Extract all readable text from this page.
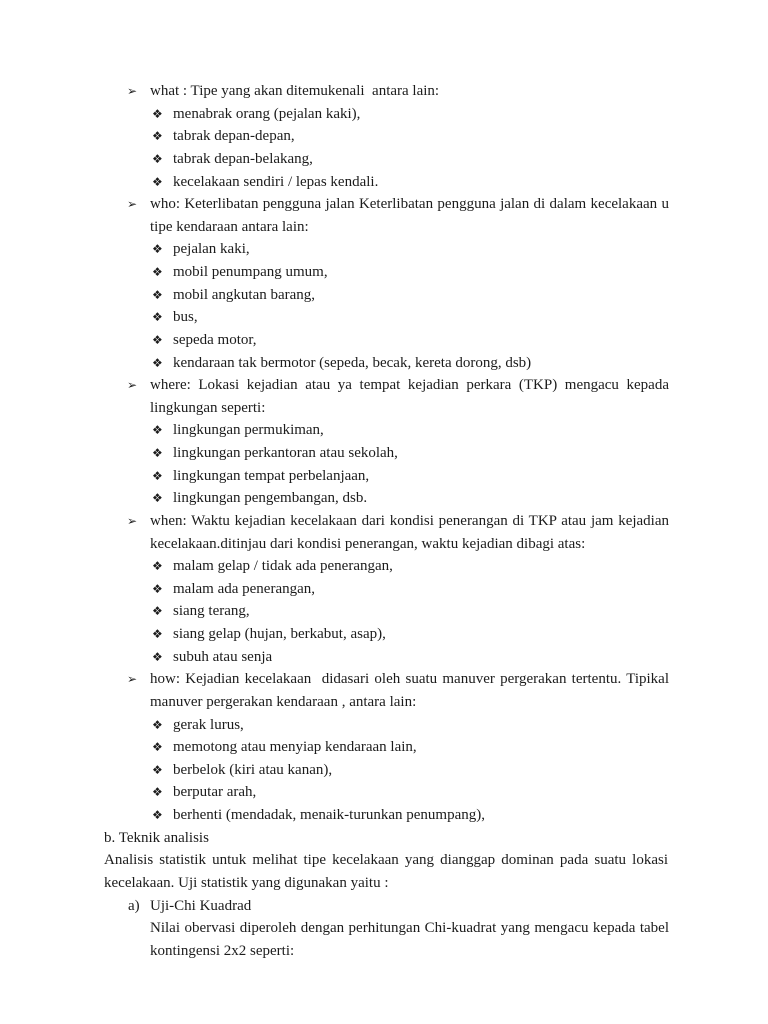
➢ what : Tipe yang akan ditemukenali  antara lain:
❖ menabrak orang (pejalan kaki),
❖ tabrak depan-depan,
❖ tabrak depan-belakang,
❖ kecelakaan sendiri / lepas kendali.
➢ who: Keterlibatan pengguna jalan Keterlibatan pengguna jalan di dalam kecelakaan u
tipe kendaraan antara lain:
❖ pejalan kaki,
❖ mobil penumpang umum,
❖ mobil angkutan barang,
❖ bus,
❖ sepeda motor,
❖ kendaraan tak bermotor (sepeda, becak, kereta dorong, dsb)
➢ where: Lokasi kejadian atau ya tempat kejadian perkara (TKP) mengacu kepada
lingkungan seperti:
❖ lingkungan permukiman,
❖ lingkungan perkantoran atau sekolah,
❖ lingkungan tempat perbelanjaan,
❖ lingkungan pengembangan, dsb.
➢ when: Waktu kejadian kecelakaan dari kondisi penerangan di TKP atau jam kejadian
kecelakaan.ditinjau dari kondisi penerangan, waktu kejadian dibagi atas:
❖ malam gelap / tidak ada penerangan,
❖ malam ada penerangan,
❖ siang terang,
❖ siang gelap (hujan, berkabut, asap),
❖ subuh atau senja
➢ how: Kejadian kecelakaan  didasari oleh suatu manuver pergerakan tertentu. Tipikal
manuver pergerakan kendaraan , antara lain:
❖ gerak lurus,
❖ memotong atau menyiap kendaraan lain,
❖ berbelok (kiri atau kanan),
❖ berputar arah,
❖ berhenti (mendadak, menaik-turunkan penumpang),
b. Teknik analisis
Analisis statistik untuk melihat tipe kecelakaan yang dianggap dominan pada suatu lokasi
kecelakaan. Uji statistik yang digunakan yaitu :
a) Uji-Chi Kuadrad
Nilai obervasi diperoleh dengan perhitungan Chi-kuadrat yang mengacu kepada tabel
kontingensi 2x2 seperti:
